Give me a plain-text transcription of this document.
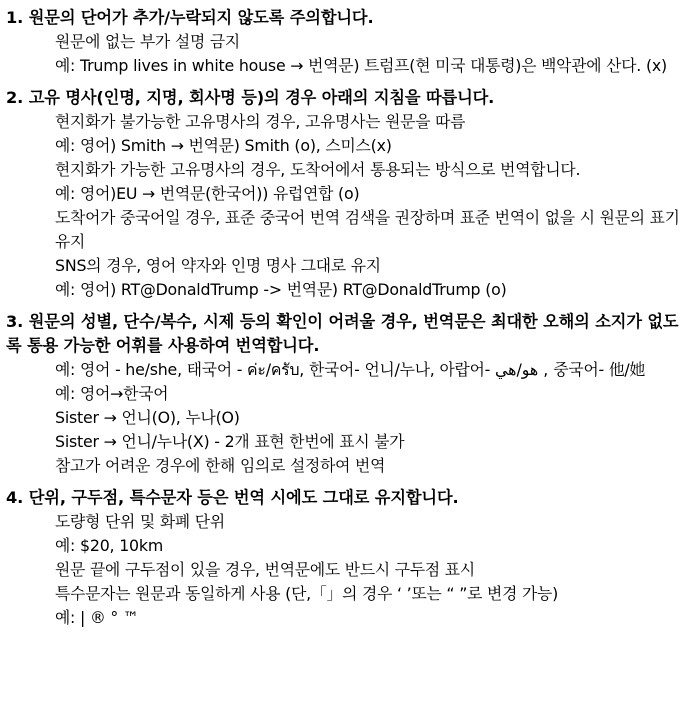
1. 원문의 단어가 추가/누락되지 않도록 주의합니다.
원문에 없는 부가 설명 금지
예: Trump lives in white house → 번역문) 트럼프(현 미국 대통령)은 백악관에 산다. (x)
2. 고유 명사(인명, 지명, 회사명 등)의 경우 아래의 지침을 따릅니다.
현지화가 불가능한 고유명사의 경우, 고유명사는 원문을 따름
예: 영어) Smith → 번역문) Smith (o), 스미스(x)
현지화가 가능한 고유명사의 경우, 도착어에서 통용되는 방식으로 번역합니다.
예: 영어)EU → 번역문(한국어)) 유럽연합 (o)
도착어가 중국어일 경우, 표준 중국어 번역 검색을 권장하며 표준 번역이 없을 시 원문의 표기 유지
SNS의 경우, 영어 약자와 인명 명사 그대로 유지
예: 영어) RT@DonaldTrump -> 번역문) RT@DonaldTrump (o)
3. 원문의 성별, 단수/복수, 시제 등의 확인이 어려울 경우, 번역문은 최대한 오해의 소지가 없도록 통용 가능한 어휘를 사용하여 번역합니다.
예: 영어 - he/she, 태국어 - ค่ะ/ครับ, 한국어- 언니/누나, 아랍어- هو/هي , 중국어- 他/她
예: 영어→한국어
Sister → 언니(O), 누나(O)
Sister → 언니/누나(X) - 2개 표현 한번에 표시 불가
참고가 어려운 경우에 한해 임의로 설정하여 번역
4. 단위, 구두점, 특수문자 등은 번역 시에도 그대로 유지합니다.
도량형 단위 및 화폐 단위
예: $20, 10km
원문 끝에 구두점이 있을 경우, 번역문에도 반드시 구두점 표시
특수문자는 원문과 동일하게 사용 (단,「」의 경우 ‘ ’또는 “ ”로 변경 가능)
예: | ® ° ™
